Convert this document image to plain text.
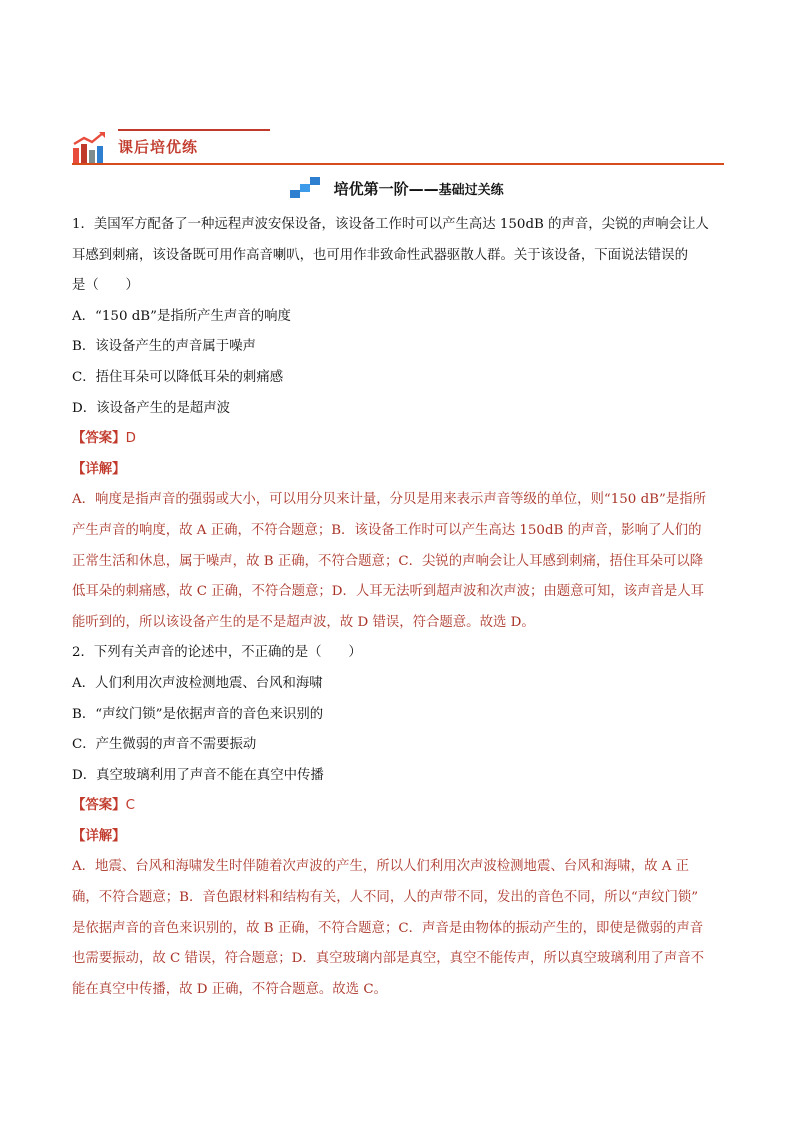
课后培优练
培优第一阶——基础过关练

1．美国军方配备了一种远程声波安保设备，该设备工作时可以产生高达 150dB 的声音，尖锐的声响会让人

耳感到刺痛，该设备既可用作高音喇叭，也可用作非致命性武器驱散人群。关于该设备，下面说法错误的

是（　　）

A．“150 dB”是指所产生声音的响度

B．该设备产生的声音属于噪声

C．捂住耳朵可以降低耳朵的刺痛感

D．该设备产生的是超声波

【答案】D

【详解】

A．响度是指声音的强弱或大小，可以用分贝来计量，分贝是用来表示声音等级的单位，则“150 dB”是指所

产生声音的响度，故 A 正确，不符合题意；B．该设备工作时可以产生高达 150dB 的声音，影响了人们的

正常生活和休息，属于噪声，故 B 正确，不符合题意；C．尖锐的声响会让人耳感到刺痛，捂住耳朵可以降

低耳朵的刺痛感，故 C 正确，不符合题意；D．人耳无法听到超声波和次声波；由题意可知，该声音是人耳

能听到的，所以该设备产生的是不是超声波，故 D 错误，符合题意。故选 D。

2．下列有关声音的论述中，不正确的是（　　）

A．人们利用次声波检测地震、台风和海啸

B．“声纹门锁”是依据声音的音色来识别的

C．产生微弱的声音不需要振动

D．真空玻璃利用了声音不能在真空中传播

【答案】C

【详解】

A．地震、台风和海啸发生时伴随着次声波的产生，所以人们利用次声波检测地震、台风和海啸，故 A 正

确，不符合题意；B．音色跟材料和结构有关，人不同，人的声带不同，发出的音色不同，所以“声纹门锁”

是依据声音的音色来识别的，故 B 正确，不符合题意；C．声音是由物体的振动产生的，即使是微弱的声音

也需要振动，故 C 错误，符合题意；D．真空玻璃内部是真空，真空不能传声，所以真空玻璃利用了声音不

能在真空中传播，故 D 正确，不符合题意。故选 C。
